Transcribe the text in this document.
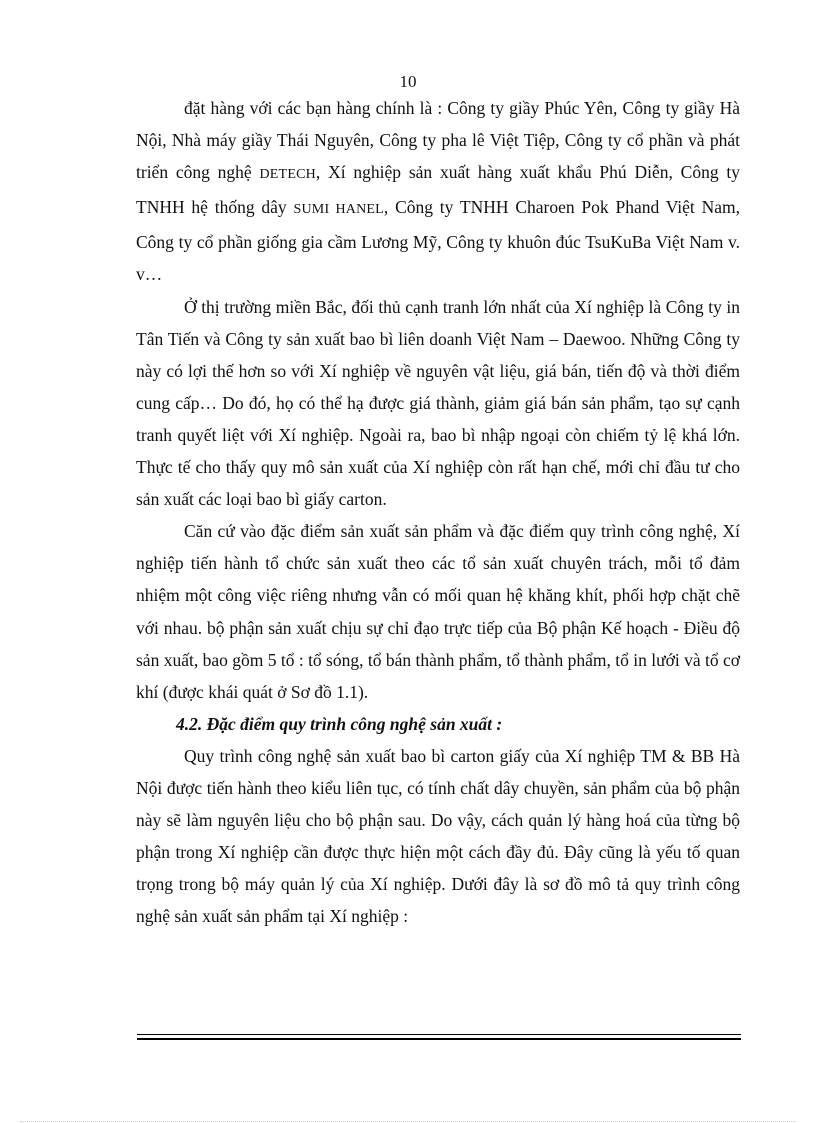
10

đặt hàng với các bạn hàng chính là : Công ty giầy Phúc Yên, Công ty giầy Hà Nội, Nhà máy giầy Thái Nguyên, Công ty pha lê Việt Tiệp, Công ty cổ phần và phát triển công nghệ DETECH, Xí nghiệp sản xuất hàng xuất khẩu Phú Diễn, Công ty TNHH hệ thống dây SUMI HANEL, Công ty TNHH Charoen Pok Phand Việt Nam, Công ty cổ phần giống gia cầm Lương Mỹ, Công ty khuôn đúc TsuKuBa Việt Nam v. v…

Ở thị trường miền Bắc, đối thủ cạnh tranh lớn nhất của Xí nghiệp là Công ty in Tân Tiến và Công ty sản xuất bao bì liên doanh Việt Nam – Daewoo. Những Công ty này có lợi thế hơn so với Xí nghiệp về nguyên vật liệu, giá bán, tiến độ và thời điểm cung cấp… Do đó, họ có thể hạ được giá thành, giảm giá bán sản phẩm, tạo sự cạnh tranh quyết liệt với Xí nghiệp. Ngoài ra, bao bì nhập ngoại còn chiếm tỷ lệ khá lớn. Thực tế cho thấy quy mô sản xuất của Xí nghiệp còn rất hạn chế, mới chỉ đầu tư cho sản xuất các loại bao bì giấy carton.

Căn cứ vào đặc điểm sản xuất sản phẩm và đặc điểm quy trình công nghệ, Xí nghiệp tiến hành tổ chức sản xuất theo các tổ sản xuất chuyên trách, mỗi tổ đảm nhiệm một công việc riêng nhưng vẫn có mối quan hệ khăng khít, phối hợp chặt chẽ với nhau. bộ phận sản xuất chịu sự chỉ đạo trực tiếp của Bộ phận Kế hoạch - Điều độ sản xuất, bao gồm 5 tổ : tổ sóng, tổ bán thành phẩm, tổ thành phẩm, tổ in lưới và tổ cơ khí (được khái quát ở Sơ đồ 1.1).

4.2. Đặc điểm quy trình công nghệ sản xuất :

Quy trình công nghệ sản xuất bao bì carton giấy của Xí nghiệp TM & BB Hà Nội được tiến hành theo kiểu liên tục, có tính chất dây chuyền, sản phẩm của bộ phận này sẽ làm nguyên liệu cho bộ phận sau. Do vậy, cách quản lý hàng hoá của từng bộ phận trong Xí nghiệp cần được thực hiện một cách đầy đủ. Đây cũng là yếu tố quan trọng trong bộ máy quản lý của Xí nghiệp. Dưới đây là sơ đồ mô tả quy trình công nghệ sản xuất sản phẩm tại Xí nghiệp :
